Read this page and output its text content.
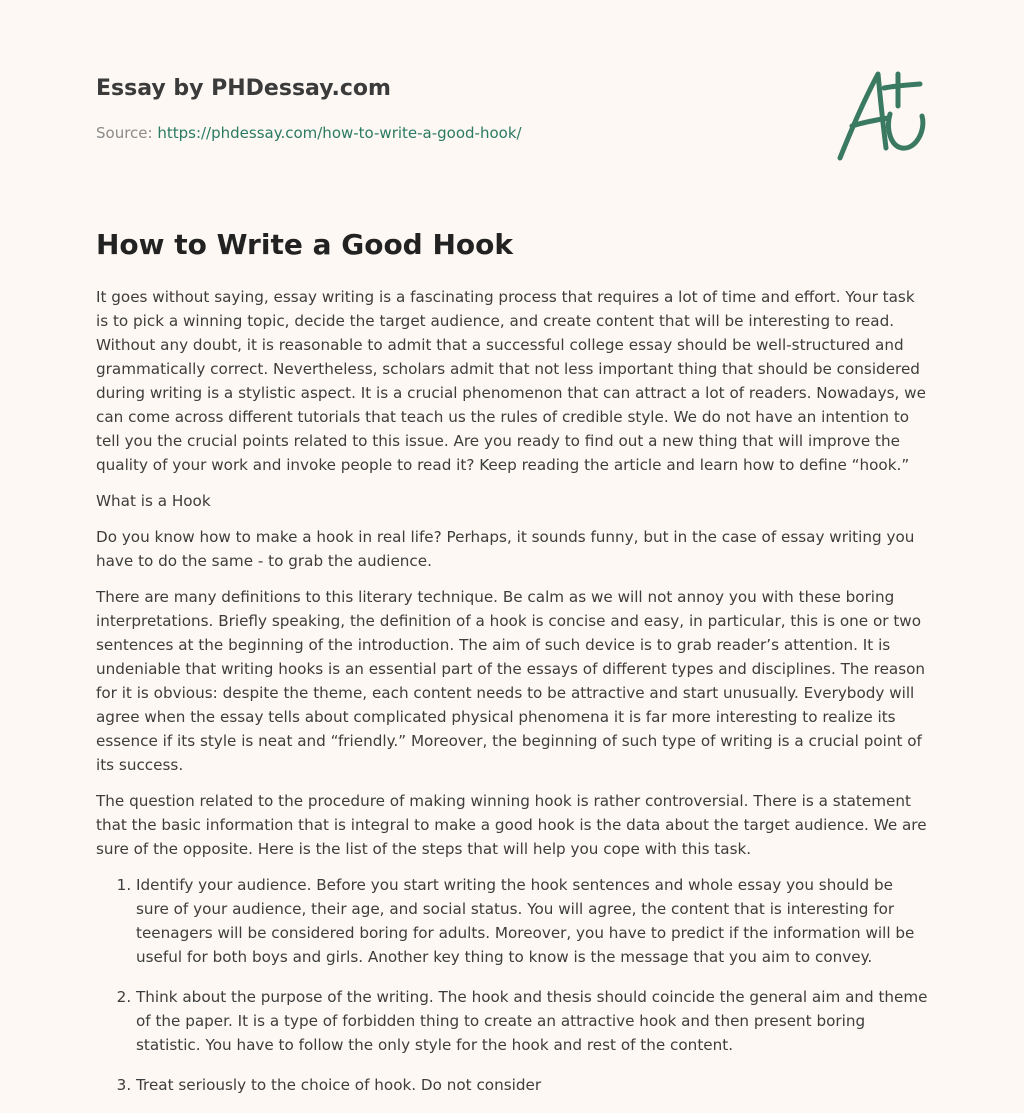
Essay by PHDessay.com

Source: https://phdessay.com/how-to-write-a-good-hook/

How to Write a Good Hook

It goes without saying, essay writing is a fascinating process that requires a lot of time and effort. Your task is to pick a winning topic, decide the target audience, and create content that will be interesting to read. Without any doubt, it is reasonable to admit that a successful college essay should be well-structured and grammatically correct. Nevertheless, scholars admit that not less important thing that should be considered during writing is a stylistic aspect. It is a crucial phenomenon that can attract a lot of readers. Nowadays, we can come across different tutorials that teach us the rules of credible style. We do not have an intention to tell you the crucial points related to this issue. Are you ready to find out a new thing that will improve the quality of your work and invoke people to read it? Keep reading the article and learn how to define “hook.”

What is a Hook

Do you know how to make a hook in real life? Perhaps, it sounds funny, but in the case of essay writing you have to do the same - to grab the audience.

There are many definitions to this literary technique. Be calm as we will not annoy you with these boring interpretations. Briefly speaking, the definition of a hook is concise and easy, in particular, this is one or two sentences at the beginning of the introduction. The aim of such device is to grab reader’s attention. It is undeniable that writing hooks is an essential part of the essays of different types and disciplines. The reason for it is obvious: despite the theme, each content needs to be attractive and start unusually. Everybody will agree when the essay tells about complicated physical phenomena it is far more interesting to realize its essence if its style is neat and “friendly.” Moreover, the beginning of such type of writing is a crucial point of its success.

The question related to the procedure of making winning hook is rather controversial. There is a statement that the basic information that is integral to make a good hook is the data about the target audience. We are sure of the opposite. Here is the list of the steps that will help you cope with this task.

1. Identify your audience. Before you start writing the hook sentences and whole essay you should be sure of your audience, their age, and social status. You will agree, the content that is interesting for teenagers will be considered boring for adults. Moreover, you have to predict if the information will be useful for both boys and girls. Another key thing to know is the message that you aim to convey.
2. Think about the purpose of the writing. The hook and thesis should coincide the general aim and theme of the paper. It is a type of forbidden thing to create an attractive hook and then present boring statistic. You have to follow the only style for the hook and rest of the content.
3. Treat seriously to the choice of hook. Do not consider
